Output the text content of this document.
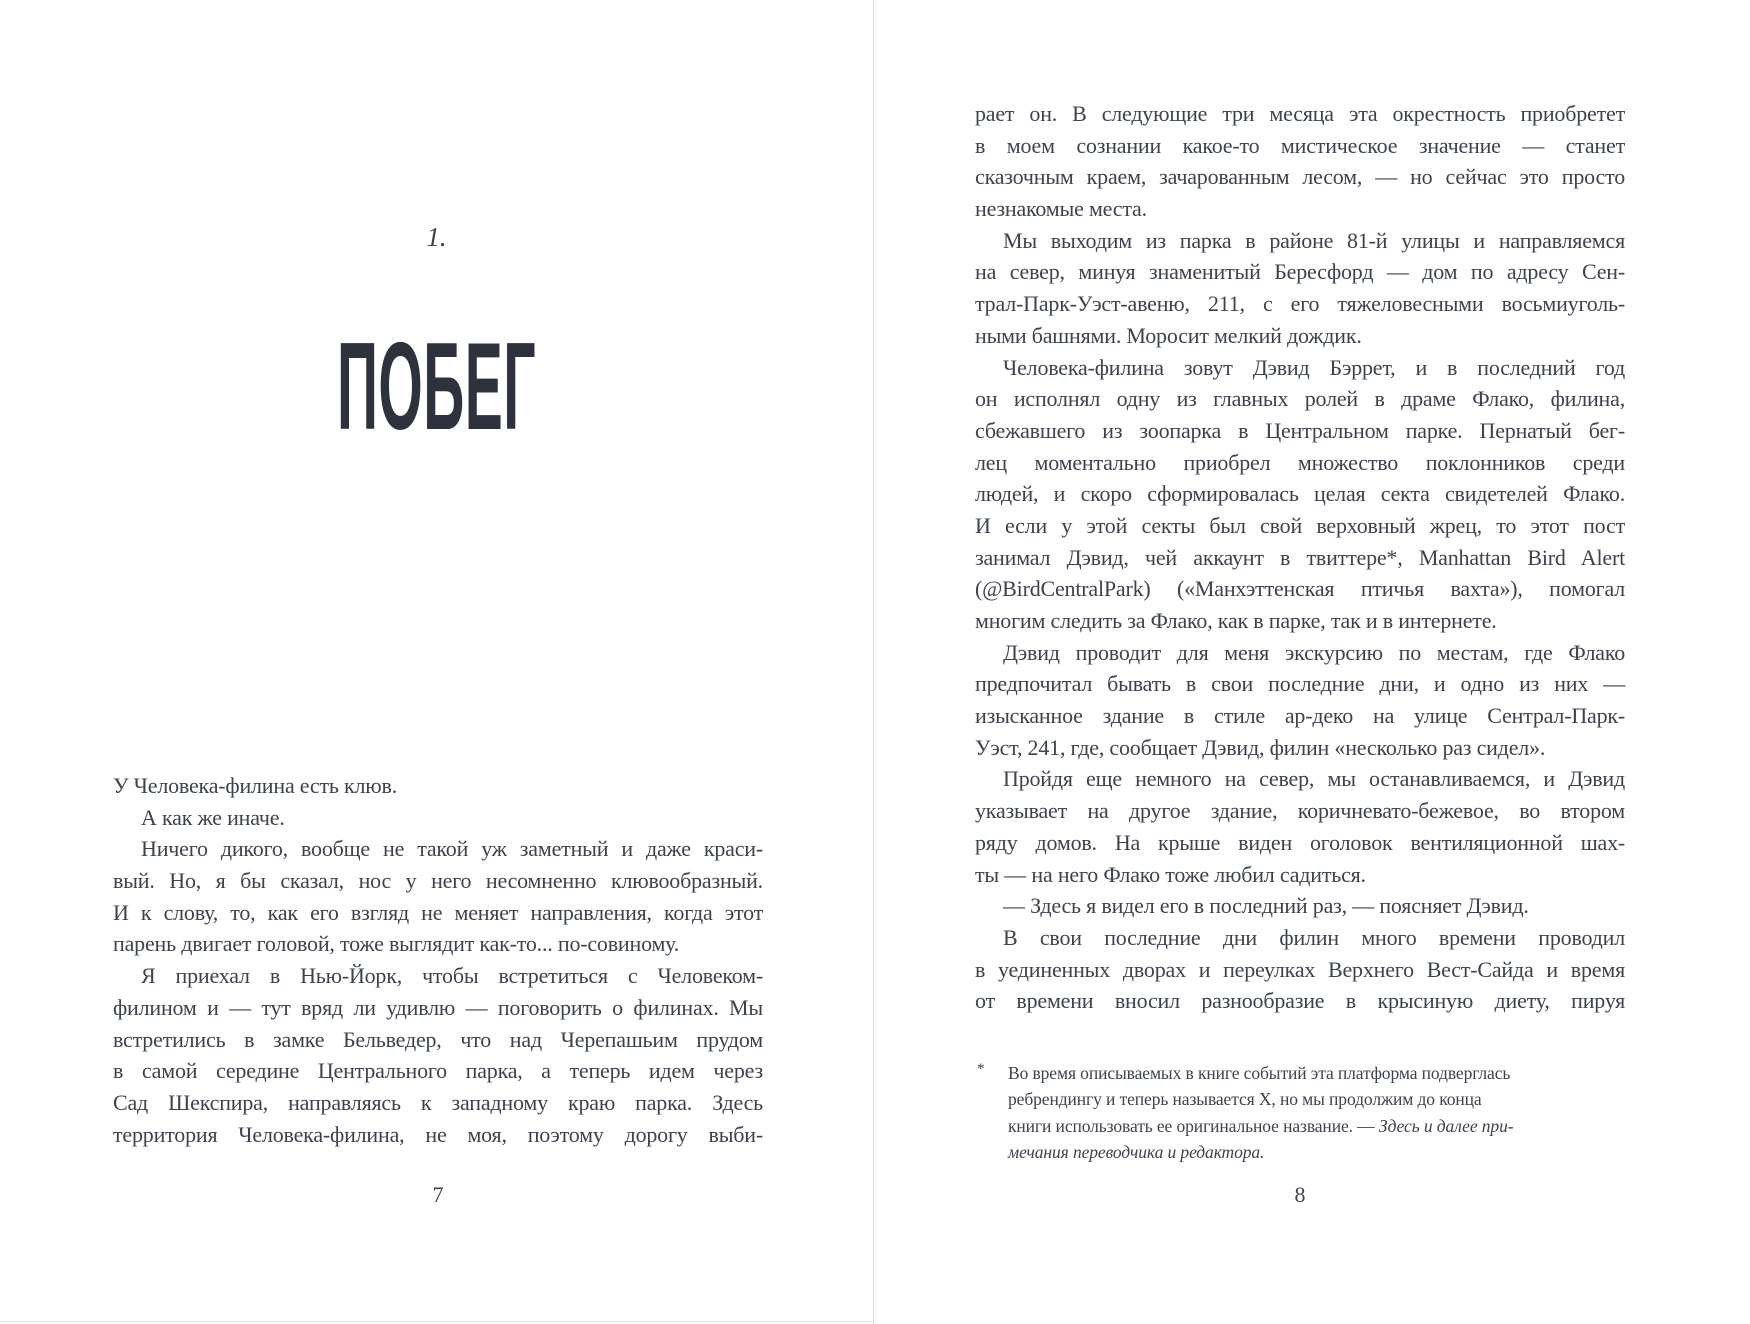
1.
ПОБЕГ
У Человека-филина есть клюв.
А как же иначе.
Ничего дикого, вообще не такой уж заметный и даже краси-
вый. Но, я бы сказал, нос у него несомненно клювообразный.
И к слову, то, как его взгляд не меняет направления, когда этот
парень двигает головой, тоже выглядит как-то... по-совиному.
Я приехал в Нью-Йорк, чтобы встретиться с Человеком-
филином и — тут вряд ли удивлю — поговорить о филинах. Мы
встретились в замке Бельведер, что над Черепашьим прудом
в самой середине Центрального парка, а теперь идем через
Сад Шекспира, направляясь к западному краю парка. Здесь
территория Человека-филина, не моя, поэтому дорогу выби-
7
рает он. В следующие три месяца эта окрестность приобретет
в моем сознании какое-то мистическое значение — станет
сказочным краем, зачарованным лесом, — но сейчас это просто
незнакомые места.
Мы выходим из парка в районе 81-й улицы и направляемся
на север, минуя знаменитый Бересфорд — дом по адресу Сен-
трал-Парк-Уэст-авеню, 211, с его тяжеловесными восьмиуголь-
ными башнями. Моросит мелкий дождик.
Человека-филина зовут Дэвид Бэррет, и в последний год
он исполнял одну из главных ролей в драме Флако, филина,
сбежавшего из зоопарка в Центральном парке. Пернатый бег-
лец моментально приобрел множество поклонников среди
людей, и скоро сформировалась целая секта свидетелей Флако.
И если у этой секты был свой верховный жрец, то этот пост
занимал Дэвид, чей аккаунт в твиттере*, Manhattan Bird Alert
(@BirdCentralPark) («Манхэттенская птичья вахта»), помогал
многим следить за Флако, как в парке, так и в интернете.
Дэвид проводит для меня экскурсию по местам, где Флако
предпочитал бывать в свои последние дни, и одно из них —
изысканное здание в стиле ар-деко на улице Сентрал-Парк-
Уэст, 241, где, сообщает Дэвид, филин «несколько раз сидел».
Пройдя еще немного на север, мы останавливаемся, и Дэвид
указывает на другое здание, коричневато-бежевое, во втором
ряду домов. На крыше виден оголовок вентиляционной шах-
ты — на него Флако тоже любил садиться.
— Здесь я видел его в последний раз, — поясняет Дэвид.
В свои последние дни филин много времени проводил
в уединенных дворах и переулках Верхнего Вест-Сайда и время
от времени вносил разнообразие в крысиную диету, пируя
* Во время описываемых в книге событий эта платформа подверглась
ребрендингу и теперь называется X, но мы продолжим до конца
книги использовать ее оригинальное название. — Здесь и далее при-
мечания переводчика и редактора.
8
